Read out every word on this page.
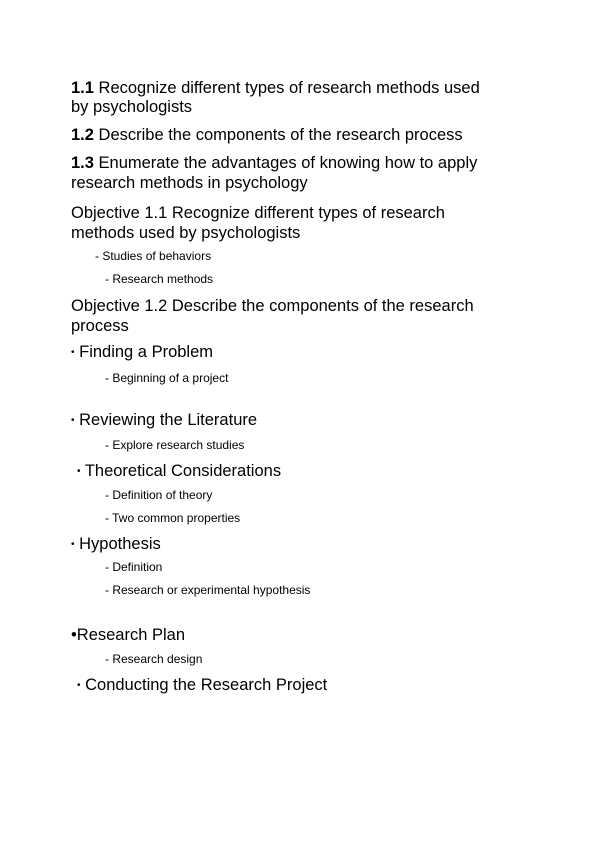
1.1 Recognize different types of research methods used
by psychologists
1.2 Describe the components of the research process
1.3 Enumerate the advantages of knowing how to apply
research methods in psychology
Objective 1.1 Recognize different types of research
methods used by psychologists
- Studies of behaviors
- Research methods
Objective 1.2 Describe the components of the research
process
• Finding a Problem
- Beginning of a project
• Reviewing the Literature
- Explore research studies
• Theoretical Considerations
- Definition of theory
- Two common properties
• Hypothesis
- Definition
- Research or experimental hypothesis
•Research Plan
- Research design
• Conducting the Research Project
